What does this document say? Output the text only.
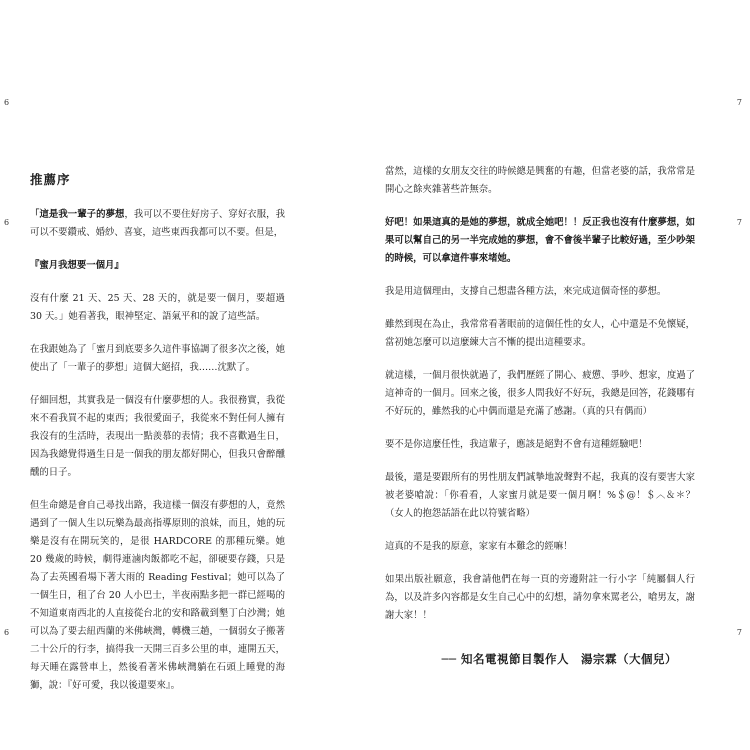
6
6
6
推薦序

「這是我一輩子的夢想，我可以不要住好房子、穿好衣服，我可以不要鑽戒、婚紗、喜宴，這些東西我都可以不要。但是，

『蜜月我想要一個月』

沒有什麼 21 天、25 天、28 天的，就是要一個月，要超過 30 天。」她看著我，眼神堅定、語氣平和的說了這些話。

在我跟她為了「蜜月到底要多久這件事協調了很多次之後，她使出了「一輩子的夢想」這個大絕招，我……沈默了。

仔細回想，其實我是一個沒有什麼夢想的人。我很務實，我從來不看我買不起的東西；我很愛面子，我從來不對任何人擁有我沒有的生活時，表現出一點羨慕的表情；我不喜歡過生日，因為我總覺得過生日是一個我的朋友都好開心，但我只會醉醺醺的日子。

但生命總是會自己尋找出路，我這樣一個沒有夢想的人，竟然遇到了一個人生以玩樂為最高指導原則的浪妹，而且，她的玩樂是沒有在開玩笑的，是很 HARDCORE 的那種玩樂。她 20 幾歲的時候，劇得連滷肉飯都吃不起，卻硬要存錢，只是為了去英國看場下著大雨的 Reading Festival；她可以為了一個生日，租了台 20 人小巴士，半夜兩點多把一群已經喝的不知道東南西北的人直接從台北的安和路載到墾丁白沙灣；她可以為了要去紐西蘭的米佛峽灣，轉機三趟，一個弱女子搬著二十公斤的行李，搞得我一天開三百多公里的車，連開五天，每天睡在露營車上，然後看著米佛峽灣躺在石頭上睡覺的海獅，說：『好可愛，我以後還要來』。

7
7
7

當然，這樣的女朋友交往的時候總是興奮的有趣，但當老婆的話，我常常是開心之餘夾雜著些許無奈。

好吧！如果這真的是她的夢想，就成全她吧！！反正我也沒有什麼夢想，如果可以幫自己的另一半完成她的夢想，會不會後半輩子比較好過，至少吵架的時候，可以拿這件事來堵她。

我是用這個理由，支撐自己想盡各種方法，來完成這個奇怪的夢想。

雖然到現在為止，我常常看著眼前的這個任性的女人，心中還是不免懷疑，當初她怎麼可以這麼練大言不慚的提出這種要求。

就這樣，一個月很快就過了，我們歷經了開心、疲憊、爭吵、想家，度過了這神奇的一個月。回來之後，很多人問我好不好玩，我總是回答，花錢哪有不好玩的，雖然我的心中偶而還是充滿了感謝。（真的只有偶而）

要不是你這麼任性，我這輩子，應該是絕對不會有這種經驗吧！

最後，還是要跟所有的男性朋友們誠摯地說聲對不起，我真的沒有要害大家被老婆嗆說：「你看看，人家蜜月就是要一個月啊！%＄@！＄︿＆＊？（女人的抱怨話語在此以符號省略）

這真的不是我的原意，家家有本難念的經嘛！

如果出版社願意，我會請他們在每一頁的旁邊附註一行小字「純屬個人行為，以及許多內容都是女生自己心中的幻想，請勿拿來罵老公，嗆男友，謝謝大家！！

── 知名電視節目製作人　湯宗霖（大個兒）
